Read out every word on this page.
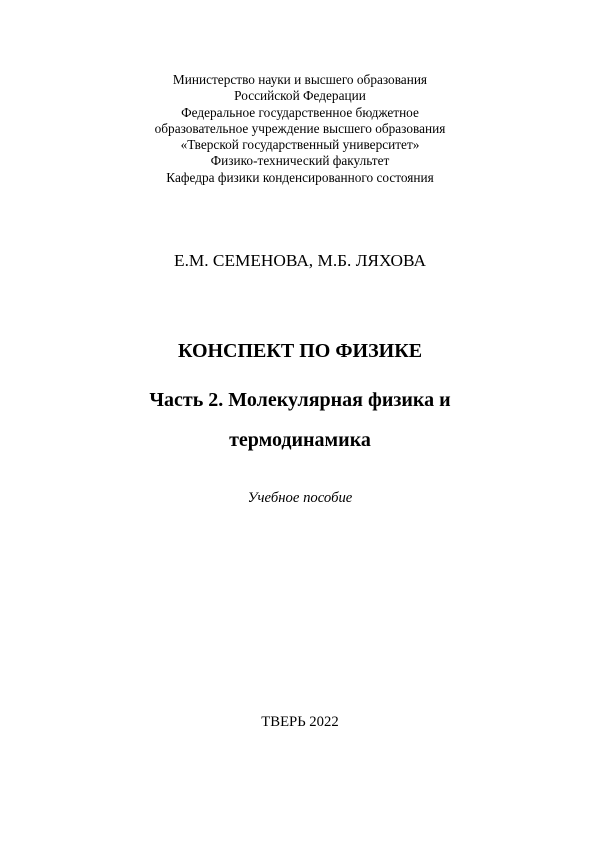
Министерство науки и высшего образования
Российской Федерации
Федеральное государственное бюджетное
образовательное учреждение высшего образования
«Тверской государственный университет»
Физико-технический факультет
Кафедра физики конденсированного состояния
Е.М. СЕМЕНОВА, М.Б. ЛЯХОВА
КОНСПЕКТ ПО ФИЗИКЕ
Часть 2. Молекулярная физика и
термодинамика
Учебное пособие
ТВЕРЬ 2022
